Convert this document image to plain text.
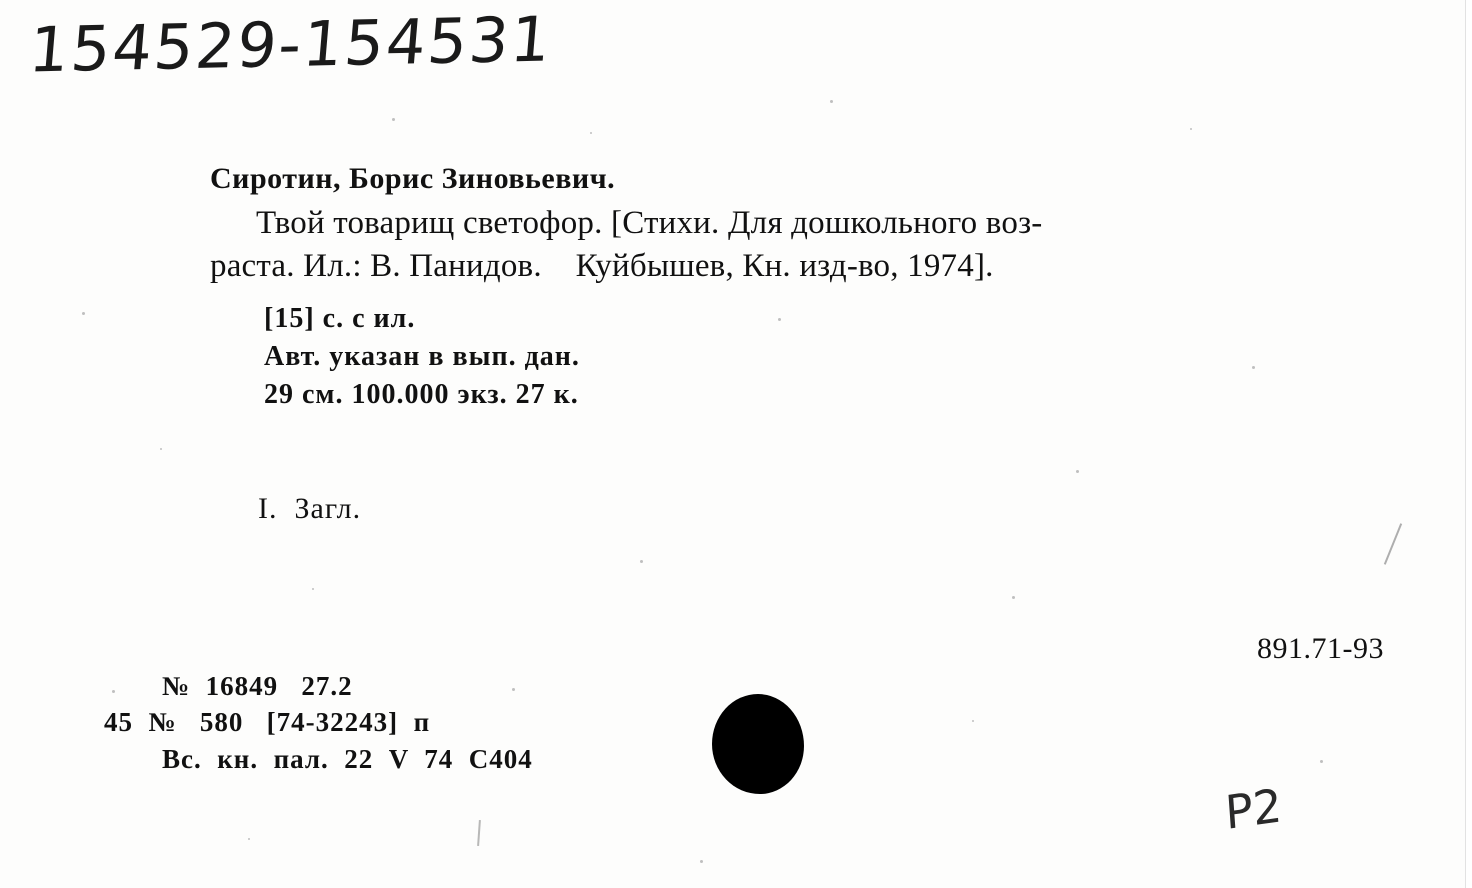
154529-154531
Сиротин, Борис Зиновьевич.
Твой товарищ светофор. [Стихи. Для дошкольного воз-
раста. Ил.: В. Панидов.    Куйбышев, Кн. изд-во, 1974].
[15] с. с ил.
Авт. указан в вып. дан.
29 см. 100.000 экз. 27 к.
I.  Загл.
891.71-93
№  16849   27.2
45  №   580   [74-32243]  п
Вс.  кн.  пал.  22  V  74  С404
Р2
